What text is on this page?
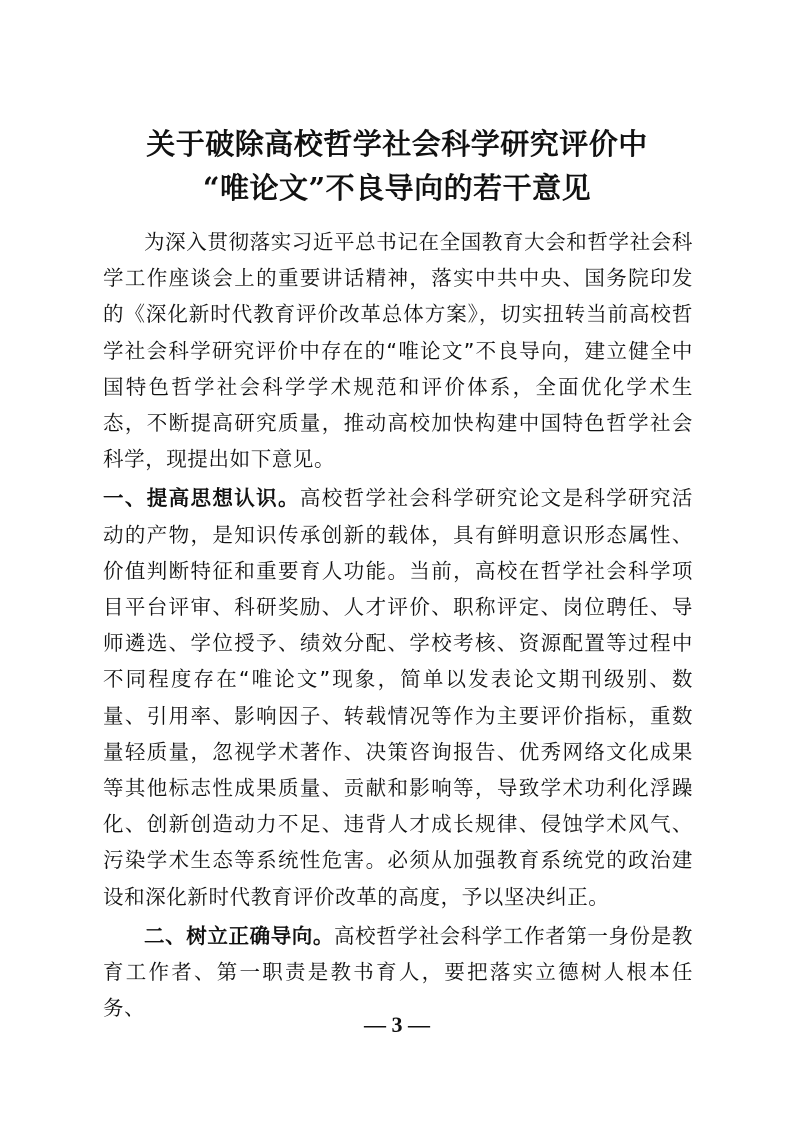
关于破除高校哲学社会科学研究评价中
“唯论文”不良导向的若干意见

为深入贯彻落实习近平总书记在全国教育大会和哲学社会科学工作座谈会上的重要讲话精神，落实中共中央、国务院印发的《深化新时代教育评价改革总体方案》，切实扭转当前高校哲学社会科学研究评价中存在的“唯论文”不良导向，建立健全中国特色哲学社会科学学术规范和评价体系，全面优化学术生态，不断提高研究质量，推动高校加快构建中国特色哲学社会科学，现提出如下意见。

一、提高思想认识。高校哲学社会科学研究论文是科学研究活动的产物，是知识传承创新的载体，具有鲜明意识形态属性、价值判断特征和重要育人功能。当前，高校在哲学社会科学项目平台评审、科研奖励、人才评价、职称评定、岗位聘任、导师遴选、学位授予、绩效分配、学校考核、资源配置等过程中不同程度存在“唯论文”现象，简单以发表论文期刊级别、数量、引用率、影响因子、转载情况等作为主要评价指标，重数量轻质量，忽视学术著作、决策咨询报告、优秀网络文化成果等其他标志性成果质量、贡献和影响等，导致学术功利化浮躁化、创新创造动力不足、违背人才成长规律、侵蚀学术风气、污染学术生态等系统性危害。必须从加强教育系统党的政治建设和深化新时代教育评价改革的高度，予以坚决纠正。

二、树立正确导向。高校哲学社会科学工作者第一身份是教育工作者、第一职责是教书育人，要把落实立德树人根本任务、

— 3 —
